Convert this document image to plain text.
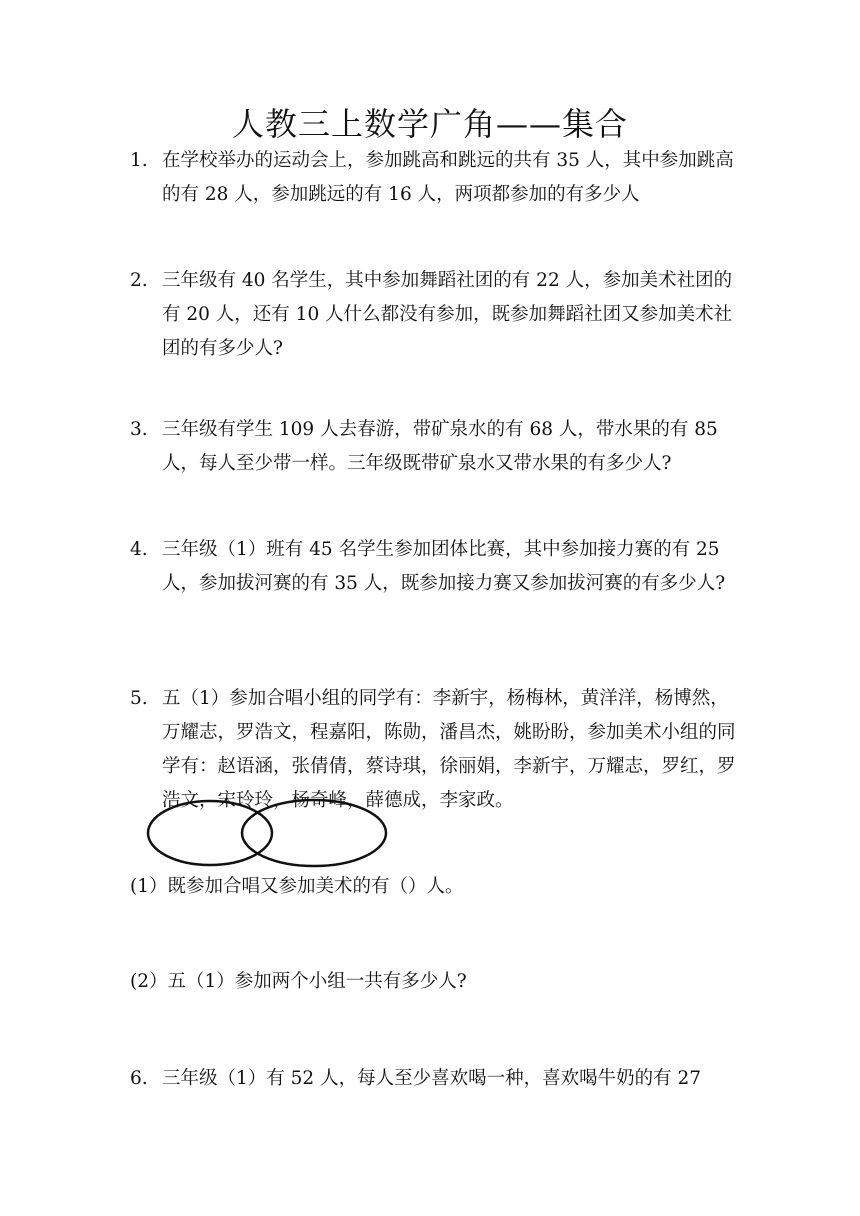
人教三上数学广角——集合
1. 在学校举办的运动会上，参加跳高和跳远的共有 35 人，其中参加跳高的有 28 人，参加跳远的有 16 人，两项都参加的有多少人
2. 三年级有 40 名学生，其中参加舞蹈社团的有 22 人，参加美术社团的有 20 人，还有 10 人什么都没有参加，既参加舞蹈社团又参加美术社团的有多少人?
3. 三年级有学生 109 人去春游，带矿泉水的有 68 人，带水果的有 85 人，每人至少带一样。三年级既带矿泉水又带水果的有多少人?
4. 三年级（1）班有 45 名学生参加团体比赛，其中参加接力赛的有 25 人，参加拔河赛的有 35 人，既参加接力赛又参加拔河赛的有多少人?
5. 五（1）参加合唱小组的同学有：李新宇，杨梅林，黄洋洋，杨博然，万耀志，罗浩文，程嘉阳，陈勋，潘昌杰，姚盼盼，参加美术小组的同学有：赵语涵，张倩倩，蔡诗琪，徐丽娟，李新宇，万耀志，罗红，罗浩文，宋玲玲，杨奇峰，薛德成，李家政。
(1）既参加合唱又参加美术的有（）人。
(2）五（1）参加两个小组一共有多少人?
6. 三年级（1）有 52 人，每人至少喜欢喝一种，喜欢喝牛奶的有 27
